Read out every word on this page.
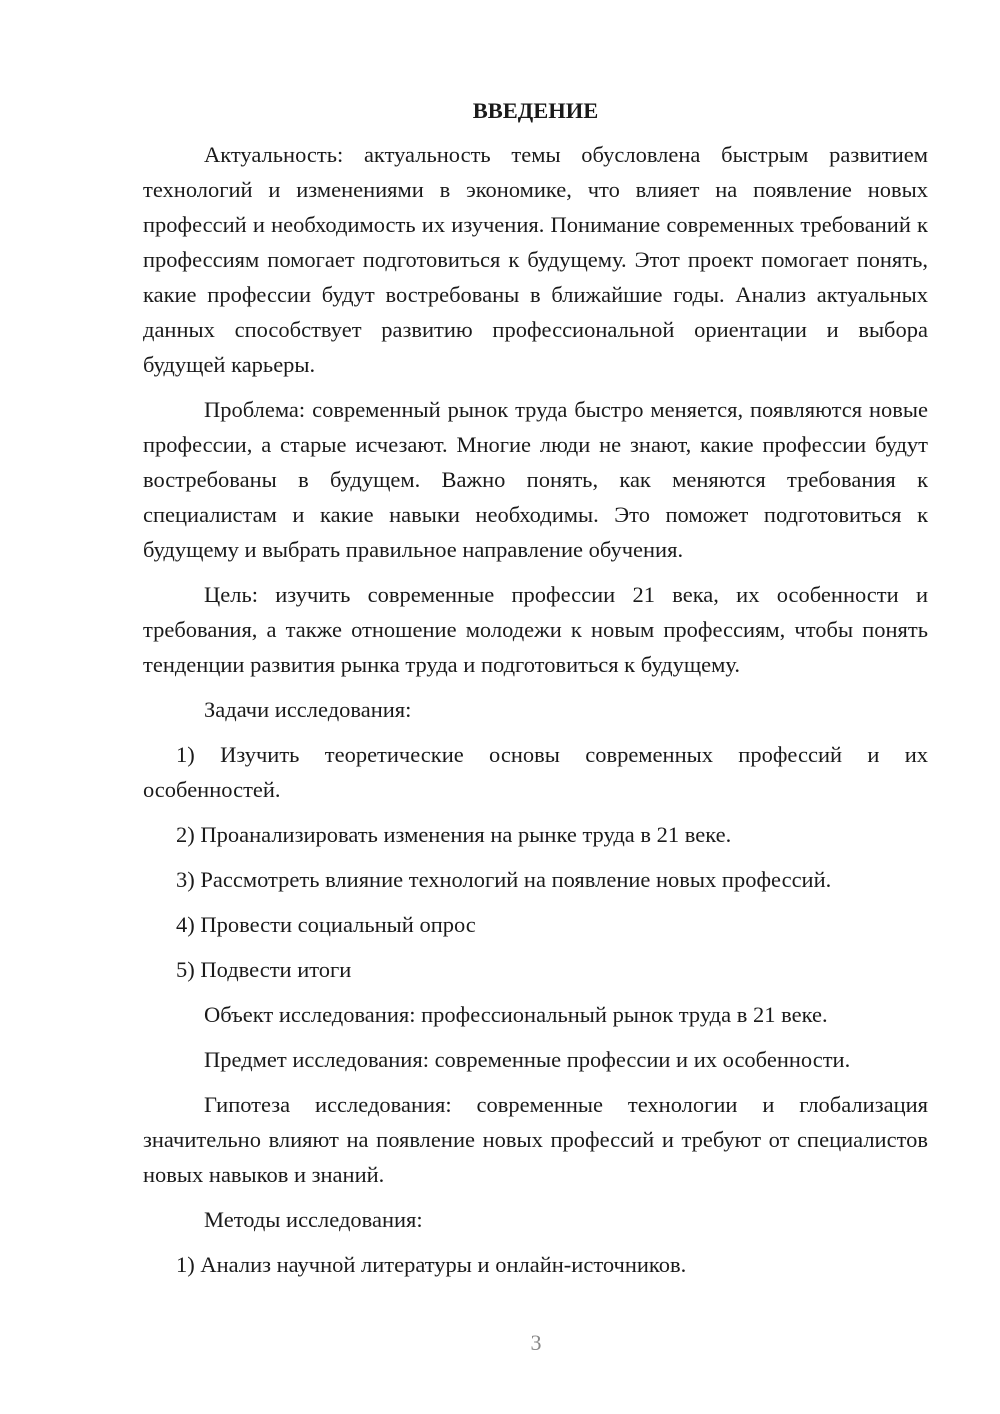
ВВЕДЕНИЕ

Актуальность: актуальность темы обусловлена быстрым развитием технологий и изменениями в экономике, что влияет на появление новых профессий и необходимость их изучения. Понимание современных требований к профессиям помогает подготовиться к будущему. Этот проект помогает понять, какие профессии будут востребованы в ближайшие годы. Анализ актуальных данных способствует развитию профессиональной ориентации и выбора будущей карьеры.

Проблема: современный рынок труда быстро меняется, появляются новые профессии, а старые исчезают. Многие люди не знают, какие профессии будут востребованы в будущем. Важно понять, как меняются требования к специалистам и какие навыки необходимы. Это поможет подготовиться к будущему и выбрать правильное направление обучения.

Цель: изучить современные профессии 21 века, их особенности и требования, а также отношение молодежи к новым профессиям, чтобы понять тенденции развития рынка труда и подготовиться к будущему.

Задачи исследования:

1) Изучить теоретические основы современных профессий и их особенностей.

2) Проанализировать изменения на рынке труда в 21 веке.

3) Рассмотреть влияние технологий на появление новых профессий.

4) Провести социальный опрос

5) Подвести итоги

Объект исследования: профессиональный рынок труда в 21 веке.

Предмет исследования: современные профессии и их особенности.

Гипотеза исследования: современные технологии и глобализация значительно влияют на появление новых профессий и требуют от специалистов новых навыков и знаний.

Методы исследования:

1) Анализ научной литературы и онлайн-источников.

3
